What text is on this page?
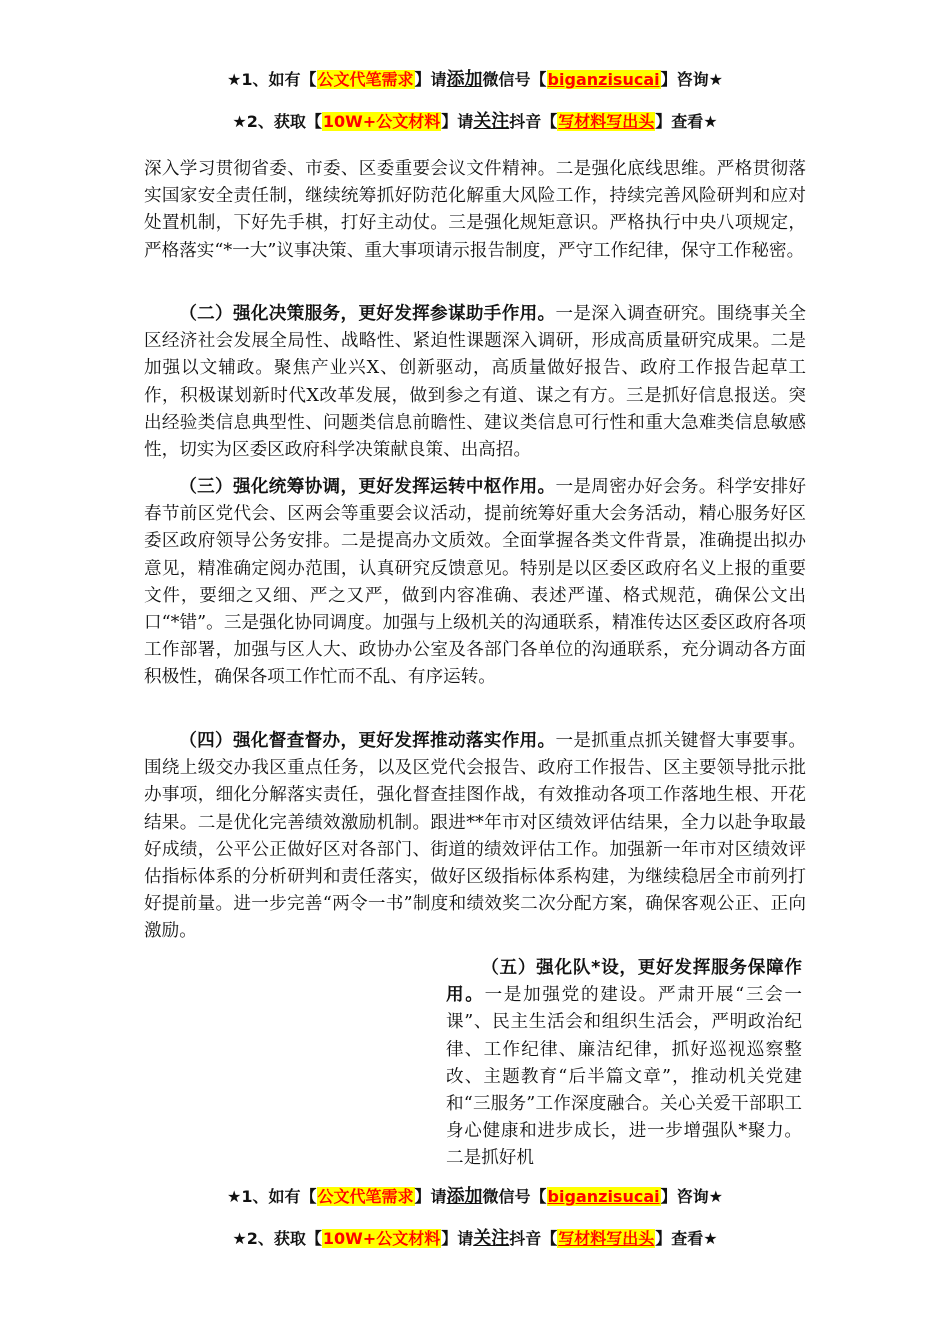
★1、如有【公文代笔需求】请添加微信号【biganzisucai】咨询★
★2、获取【10W+公文材料】请关注抖音【写材料写出头】查看★

深入学习贯彻省委、市委、区委重要会议文件精神。二是强化底线思维。严格贯彻落实国家安全责任制，继续统筹抓好防范化解重大风险工作，持续完善风险研判和应对处置机制，下好先手棋，打好主动仗。三是强化规矩意识。严格执行中央八项规定，严格落实“*一大”议事决策、重大事项请示报告制度，严守工作纪律，保守工作秘密。

（二）强化决策服务，更好发挥参谋助手作用。一是深入调查研究。围绕事关全区经济社会发展全局性、战略性、紧迫性课题深入调研，形成高质量研究成果。二是加强以文辅政。聚焦产业兴X、创新驱动，高质量做好报告、政府工作报告起草工作，积极谋划新时代X改革发展，做到参之有道、谋之有方。三是抓好信息报送。突出经验类信息典型性、问题类信息前瞻性、建议类信息可行性和重大急难类信息敏感性，切实为区委区政府科学决策献良策、出高招。

（三）强化统筹协调，更好发挥运转中枢作用。一是周密办好会务。科学安排好春节前区党代会、区两会等重要会议活动，提前统筹好重大会务活动，精心服务好区委区政府领导公务安排。二是提高办文质效。全面掌握各类文件背景，准确提出拟办意见，精准确定阅办范围，认真研究反馈意见。特别是以区委区政府名义上报的重要文件，要细之又细、严之又严，做到内容准确、表述严谨、格式规范，确保公文出口“*错”。三是强化协同调度。加强与上级机关的沟通联系，精准传达区委区政府各项工作部署，加强与区人大、政协办公室及各部门各单位的沟通联系，充分调动各方面积极性，确保各项工作忙而不乱、有序运转。

（四）强化督查督办，更好发挥推动落实作用。一是抓重点抓关键督大事要事。围绕上级交办我区重点任务，以及区党代会报告、政府工作报告、区主要领导批示批办事项，细化分解落实责任，强化督查挂图作战，有效推动各项工作落地生根、开花结果。二是优化完善绩效激励机制。跟进**年市对区绩效评估结果，全力以赴争取最好成绩，公平公正做好区对各部门、街道的绩效评估工作。加强新一年市对区绩效评估指标体系的分析研判和责任落实，做好区级指标体系构建，为继续稳居全市前列打好提前量。进一步完善“两令一书”制度和绩效奖二次分配方案，确保客观公正、正向激励。

（五）强化队*设，更好发挥服务保障作用。一是加强党的建设。严肃开展“三会一课”、民主生活会和组织生活会，严明政治纪律、工作纪律、廉洁纪律，抓好巡视巡察整改、主题教育“后半篇文章”，推动机关党建和“三服务”工作深度融合。关心关爱干部职工身心健康和进步成长，进一步增强队*聚力。二是抓好机

★1、如有【公文代笔需求】请添加微信号【biganzisucai】咨询★
★2、获取【10W+公文材料】请关注抖音【写材料写出头】查看★
